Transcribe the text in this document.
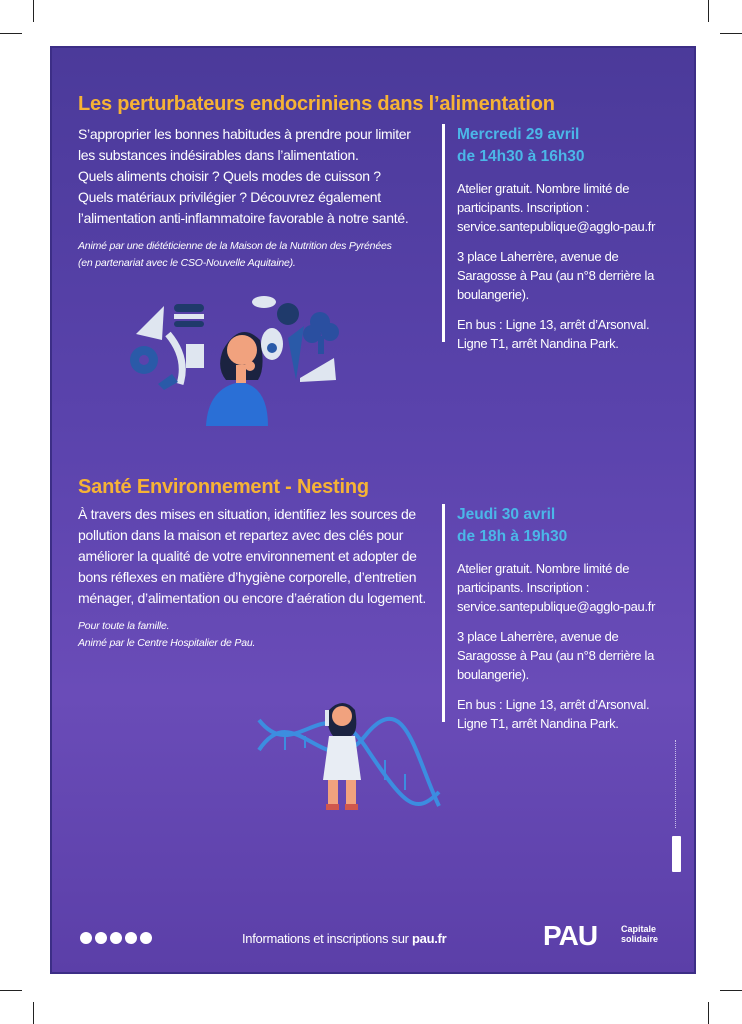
Les perturbateurs endocriniens dans l’alimentation
S’approprier les bonnes habitudes à prendre pour limiter
les substances indésirables dans l’alimentation.
Quels aliments choisir ? Quels modes de cuisson ?
Quels matériaux privilégier ? Découvrez également
l’alimentation anti-inflammatoire favorable à notre santé.
Animé par une diététicienne de la Maison de la Nutrition des Pyrénées
(en partenariat avec le CSO-Nouvelle Aquitaine).
Mercredi 29 avril
de 14h30 à 16h30

Atelier gratuit. Nombre limité de

participants. Inscription :

service.santepublique@agglo-pau.fr

3 place Laherrère, avenue de

Saragosse à Pau (au n°8 derrière la

boulangerie).

En bus : Ligne 13, arrêt d’Arsonval.

Ligne T1, arrêt Nandina Park.

Santé Environnement - Nesting
À travers des mises en situation, identifiez les sources de
pollution dans la maison et repartez avec des clés pour
améliorer la qualité de votre environnement et adopter de
bons réflexes en matière d’hygiène corporelle, d’entretien
ménager, d’alimentation ou encore d’aération du logement.
Pour toute la famille.
Animé par le Centre Hospitalier de Pau.
Jeudi 30 avril
de 18h à 19h30

Atelier gratuit. Nombre limité de

participants. Inscription :

service.santepublique@agglo-pau.fr

3 place Laherrère, avenue de

Saragosse à Pau (au n°8 derrière la

boulangerie).

En bus : Ligne 13, arrêt d’Arsonval.

Ligne T1, arrêt Nandina Park.

Informations et inscriptions sur pau.fr	PAU	Capitale
solidaire
